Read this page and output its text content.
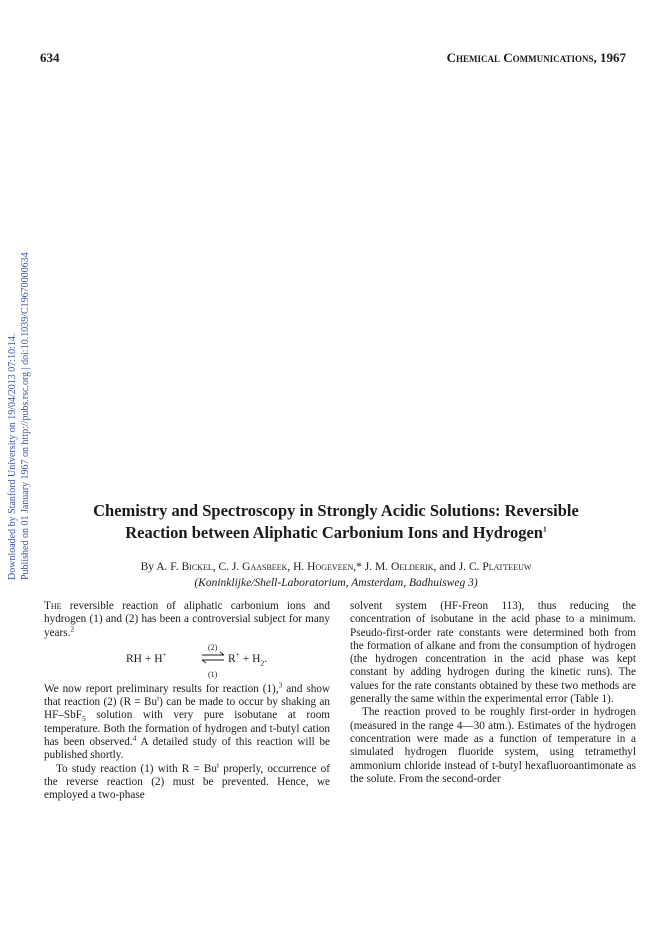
634	Chemical Communications, 1967
Downloaded by Stanford University on 19/04/2013 07:10:14. Published on 01 January 1967 on http://pubs.rsc.org | doi:10.1039/C19670000634	Chemistry and Spectroscopy in Strongly Acidic Solutions: Reversible
Reaction between Aliphatic Carbonium Ions and Hydrogen$^1$
By A. F. Bickel, C. J. Gaasbeek, H. Hogeveen,* J. M. Oelderik, and J. C. Platteeuw
(Koninklijke/Shell-Laboratorium, Amsterdam, Badhuisweg 3)

The reversible reaction of aliphatic carbonium ions and hydrogen (1) and (2) has been a controversial subject for many years.$^2$

RH + H+
(2)
(1)
$R^+ + H_2$.

We now report preliminary results for reaction (1),$^3$ and show that reaction (2) $(R = Bu^t)$ can be made to occur by shaking an HF–SbF$_5$ solution with very pure isobutane at room temperature. Both the formation of hydrogen and t-butyl cation has been observed.$^4$ A detailed study of this reaction will be published shortly.

To study reaction (1) with $R = Bu^t$ properly, occurrence of the reverse reaction (2) must be prevented. Hence, we employed a two-phase

solvent system (HF-Freon 113), thus reducing the concentration of isobutane in the acid phase to a minimum. Pseudo-first-order rate constants were determined both from the formation of alkane and from the consumption of hydrogen (the hydrogen concentration in the acid phase was kept constant by adding hydrogen during the kinetic runs). The values for the rate constants obtained by these two methods are generally the same within the experimental error (Table 1).

The reaction proved to be roughly first-order in hydrogen (measured in the range 4—30 atm.). Estimates of the hydrogen concentration were made as a function of temperature in a simulated hydrogen fluoride system, using tetramethyl ammonium chloride instead of t-butyl hexafluoroantimonate as the solute. From the second-order
